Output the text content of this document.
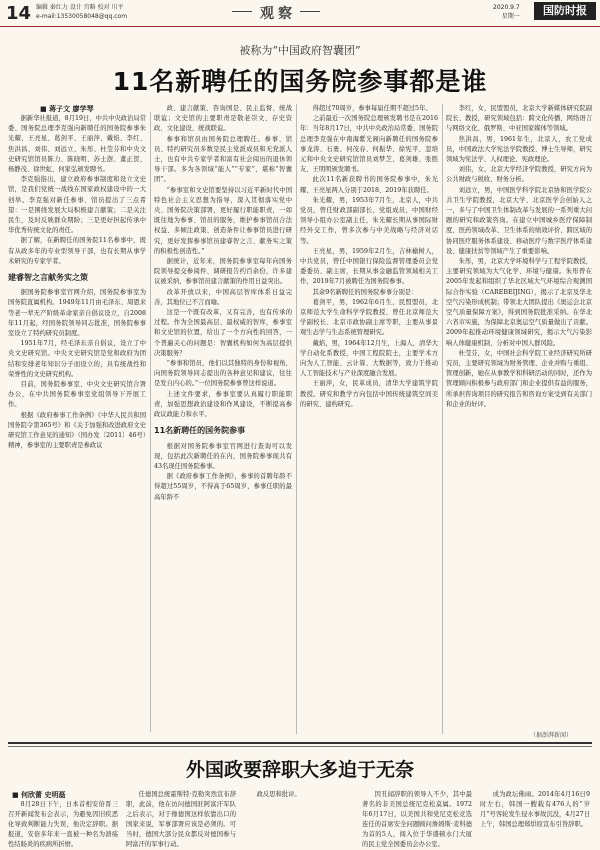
14 编辑 秦红力 设计 宫略 校对 川平
e-mail:13530058048@qq.com	观察	2020.9.7
星期一	国防时报
被称为“中国政府智囊团”
11名新聘任的国务院参事都是谁
■ 蒋子文 廖学琴

据新华社报道，8月19日，中共中央政治局常委、国务院总理李克强向新聘任的国务院参事朱光耀、王亮星、葛剑平、王丽萍、戴焰、李红、焦洪昌、刘伟、刘远立、朱彤、杜莹芬和中央文史研究馆馆员陈力、陈晓明、苏士澍、董正贺、杨静茂、徐世虹、何家弘颁发聘书。

李克强指出，建立政府参事制度和设立文史馆，是我们党统一战线在国家政权建设中的一大创举。李克强对新任参事、馆员提出了三点希望：一是围绕发展大局积极建言献策；二是关注民生，及时反映群众期盼；三是更好担起传承中华优秀传统文化的责任。

据了解，在新聘任的国务院11名参事中，既有从政多年的专业型领导干部，也有长期从事学术研究的专家学者。

建睿智之言献务实之策

据国务院参事室官网介绍，国务院参事室为国务院直属机构。1949年11月由毛泽东、周恩来等老一辈无产阶级革命家亲自倡议设立，自2008年11月起，经国务院领导同志批准，国务院参事室设立了特约研究员制度。

1951年7月，经毛泽东亲自倡议，设立了中央文史研究馆。中央文史研究馆是党和政府为团结和安排老年知识分子而设立的，具有统战性和荣誉性的文史研究机构。

目前，国务院参事室、中央文史研究馆合署办公，在中共国务院参事室党组领导下开展工作。

根据《政府参事工作条例》《中华人民共和国国务院令第365号》和《关于加强和改进政府文史研究馆工作意见的通知》（国办发〔2011〕46号）精神，参事室的主要职责是参政议

政、建言献策、咨询国是、民主监督、统战联谊；文史馆的主要职责是敬老崇文、存史资政、文化建设、统战联谊。

参事和馆员由国务院总理聘任。参事、馆员、特约研究员多数是民主党派成员和无党派人士，也有中共专家学者和富有社会阅历的退休领导干部。多为各领域“能人”“专家”，堪称“智囊团”。

“参事室和文史馆要坚持以习近平新时代中国特色社会主义思想为指导，深入贯彻落实党中央、国务院决策部署，更好履行职能职责，一如既往地为参事、馆员的服务，维护参事馆员合法权益、多倾注政策、创造条件让参事馆员进行研究，更好发挥参事馆员建睿智之言、献务实之策的积极性创造性。”

据统计，近年来，国务院参事室每年向国务院领导提交参阅件、调研报告约百余份，许多建议被采纳，参事馆员建言献策的作用日益突出。

改革开放以来，中国高层智库体系日益完善，其地位已不言而喻。

这是一个既有改革，又有完善，也有传承的过程。作为全国最高层、最权威的智库，参事室和文史馆的位置，给出了一个方向性的回答，一个普遍关心的问题是：智囊机构如何为高层提供决策服务？

“参事和馆员，他们以其独特的身份和视角，向国务院领导同志提出的各种意见和建议，往往是发自内心的。”一位国务院参事曾这样说道。

上述文件要求，参事室要认真履行职能职责，加强思想政治建设和作风建设，不断提高参政议政能力和水平。

11名新聘任的国务院参事

根据对国务院参事室官网进行查询可以发现，包括此次新聘任的在内，国务院参事现共有43名现任国务院参事。

据《政府参事工作条例》，参事的首聘年龄不得超过55周岁，不得高于65周岁，参事任职的最高年龄不

得超过70周岁，参事每届任期不超过5年。

之前最近一次国务院总理颁发聘书是在2016年：当年8月17日，中共中央政治局常委、国务院总理李克强在中南海紫光阁向新聘任的国务院参事龙涛、石勇、何茂春、何振华、徐宪平、忽培元和中央文史研究馆馆员刘梦芝、葛剑雄、张胜友、王明明颁发聘书。

此次11名新获聘书的国务院参事中，朱光耀、王亮星两人分别于2018、2019年获聘任。

朱光耀，男，1953年7月生，北京人，中共党员，曾任财政部副部长、党组成员，中国财经领导小组办公室副主任，朱光耀长期从事国际财经外交工作，曾多次参与中美战略与经济对话等。

王亮星，男，1959年2月生，吉林榆树人，中共党员，曾任中国银行保险监督管理委员会党委委员、副主席，长期从事金融监管领域相关工作，2019年7月被聘任为国务院参事。

其余9名新聘任的国务院参事分别是：

葛剑平，男，1962年6月生，民盟盟员，北京师范大学生命科学学院教授、曾任北京师范大学副校长、北京市政协副主席等职，主要从事景观生态学与生态系统管理研究。

戴焰，男，1964年12月生，上海人，清华大学自动化系教授，中国工程院院士，主要学术方向为人工智能、云计算、大数据等，致力于推动人工智能技术与产业深度融合发展。

王丽萍，女，民革成员，清华大学建筑学院教授。研究和教学方向包括中国传统建筑空间美的研究、建构研究。

李红，女，民盟盟员，北京大学新媒体研究院副院长、教授，研究领域包括：跨文化传播、网络语言与网络文化、俄罗斯、中亚国家媒体等领域。

焦洪昌，男，1961年生，北京人，农工党成员，中国政法大学宪法学院教授、博士生导师，研究领域为宪法学、人权理论、宪政理论。

刘伟，女，北京大学经济学院教授，研究方向为公共财政与税收、财务分析。

刘远立，男，中国医学科学院北京协和医学院公共卫生学院教授，北京大学、北京医学会创始人之一，多与了中国卫生体制改革与发展的一系列重大问题的研究和政策咨询。在建立中国城乡医疗保障制度、医药领域改革、卫生体系的绩效评价、跨区域的协同医疗服务体系建设、移动医疗与数字医疗体系建设、健康扶贫等领域产生了重要影响。

朱彤，男，北京大学环境科学与工程学院教授，主要研究领域为大气化学、环境与健康。朱彤曾在2005年发起和组织了华北区域大气环境综合观测国际合作实验（CAREBEIJING），揭示了北京及华北空气污染形成机制；带领北大团队提出《奥运会北京空气质量保障方案》，得到国务院批准采纳。在华北六省市实施，为保障北京奥运空气质量做出了贡献。2009年起推动环境健康领域研究，揭示大气污染影响人体健康机制、分析对中国人群风险。

杜莹芬，女，中国社会科学院工业经济研究所研究员，主要研究领域为财务管理、企业并购与重组、管理创新，她在从事教学和科研活动的同时，还作为管理顾问积极参与政府部门和企业提供有益的服务，所承担咨询项目的研究报告和咨询方案受到有关部门和企业的好评。

（据澎湃新闻）
外国政要辞职大多迫于无奈
■ 何欣蕾 史明磊

8月28日下午，日本首相安倍晋三召开新闻发布会表示，为避免因旧疾恶化导致判断能力失误，他决定辞职。据报道，安倍多年来一直被一种名为溃疡性结肠炎的疾病所折磨。

任德国总统霍斯特·克勒突然宣布辞职，此前，他在访问德国驻阿富汗军队之后表示，对于像德国这样依靠出口的国家来说，军事部署应该是必须的。可当时，德国大部分民众都反对德国参与阿富汗的军事行动。

政反思和批评。	因丑闻辞职的领导人不少，其中最著名的非美国总统尼克松莫属。1972年6月17日，以美国共和党尼克松竞选连任的首席安全问题顾问詹姆斯·麦科德为首的5人，闯入位于华盛顿水门大厦的民主党全国委员会办公室。

成为政坛佛雨。2014年4月16日9时左右，韩国一艘载有476人的“岁月”号客轮发生侵水事故沉没，4月27日上午，韩国总理郑烘原宣布引咎辞职。
